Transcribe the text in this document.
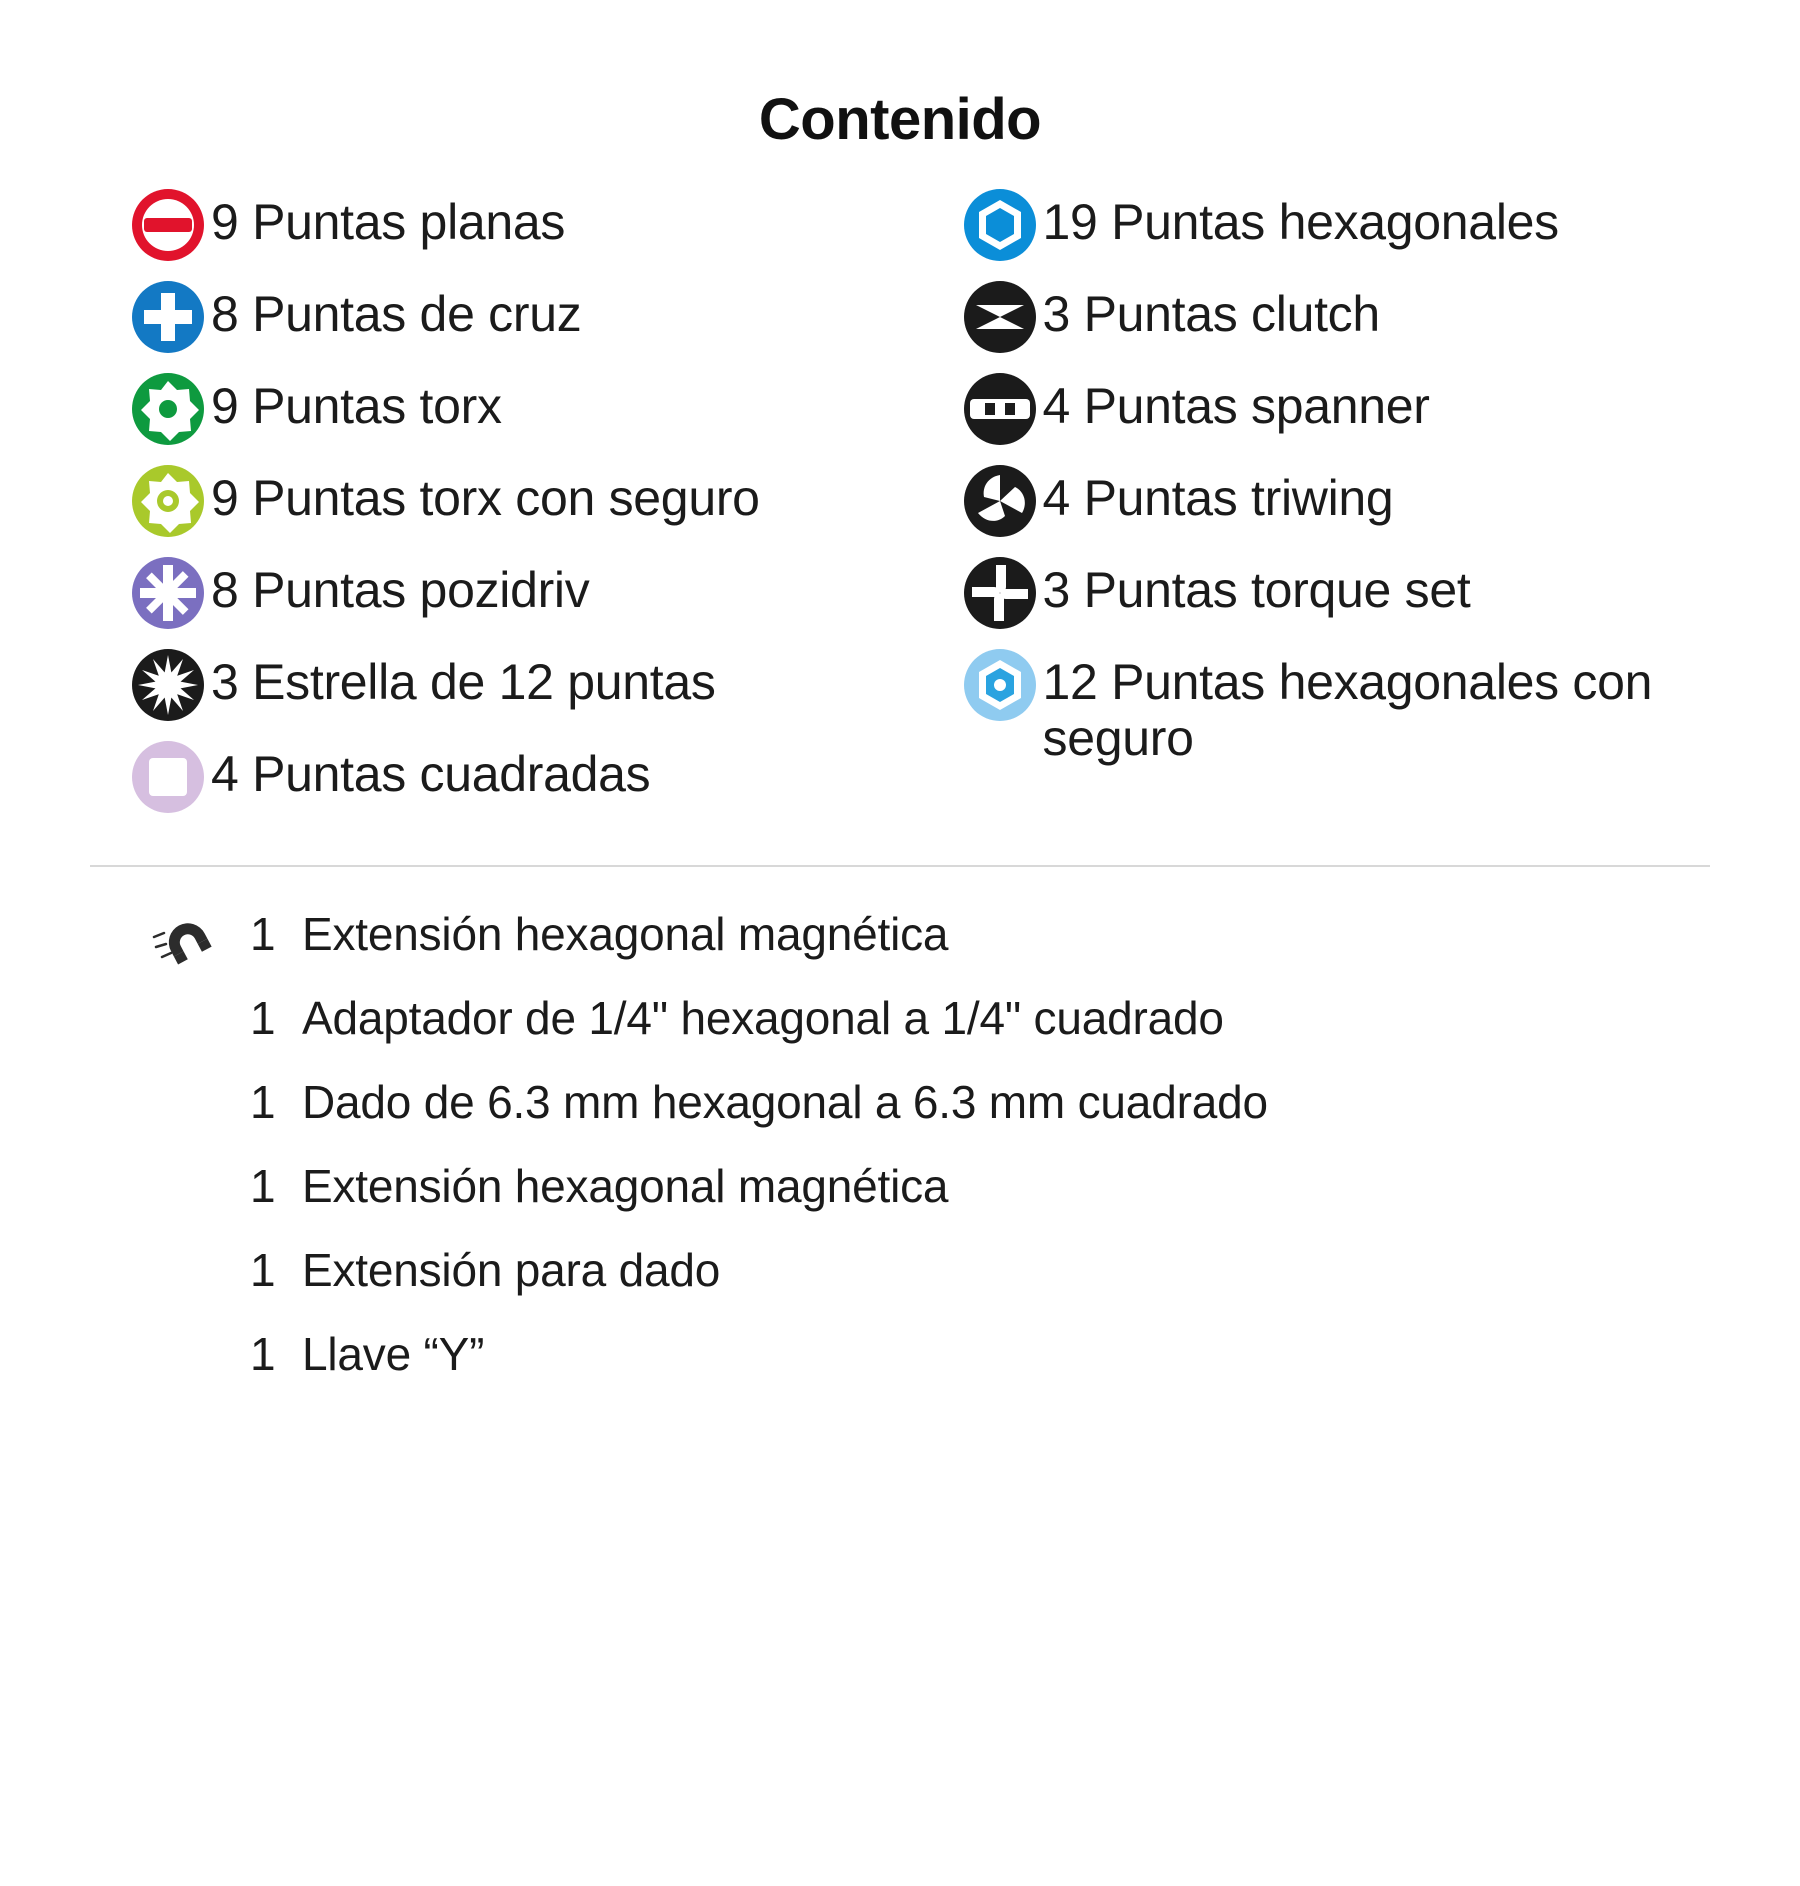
Contenido
9 Puntas planas
8 Puntas de cruz
9 Puntas torx
9 Puntas torx con seguro
8 Puntas pozidriv
3 Estrella de 12 puntas
4 Puntas cuadradas
19 Puntas hexagonales
3 Puntas clutch
4 Puntas spanner
4 Puntas triwing
3 Puntas torque set
12 Puntas hexagonales con seguro
1 Extensión hexagonal magnética
1 Adaptador de 1/4" hexagonal a 1/4" cuadrado
1 Dado de 6.3 mm hexagonal a 6.3 mm cuadrado
1 Extensión hexagonal magnética
1 Extensión para dado
1 Llave “Y”
